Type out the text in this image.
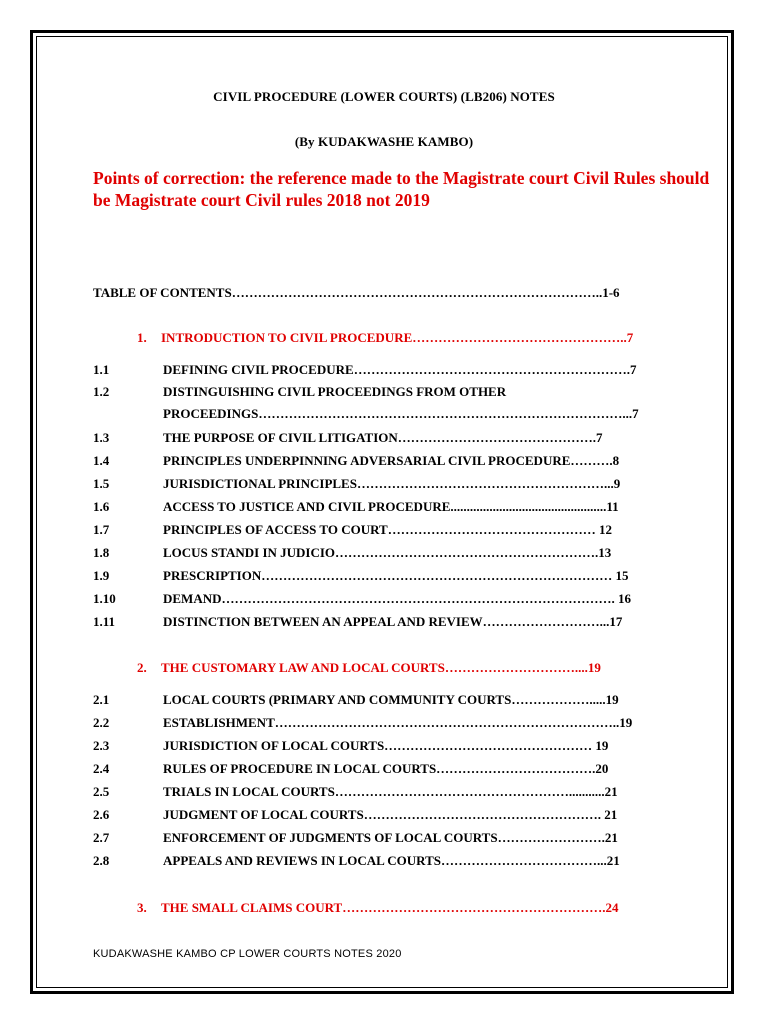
CIVIL PROCEDURE (LOWER COURTS) (LB206) NOTES
(By KUDAKWASHE KAMBO)
Points of correction: the reference made to the Magistrate court Civil Rules should be Magistrate court Civil rules 2018 not 2019
TABLE OF CONTENTS…………………………………………………………………………..1-6
1. INTRODUCTION TO CIVIL PROCEDURE…………………………………………..7
1.1	DEFINING CIVIL PROCEDURE……………………………………………………….7
1.2	DISTINGUISHING CIVIL PROCEEDINGS FROM OTHER
PROCEEDINGS…………………………………………………………………………...7
1.3	THE PURPOSE OF CIVIL LITIGATION……………………………………….7
1.4	PRINCIPLES UNDERPINNING ADVERSARIAL CIVIL PROCEDURE……….8
1.5	JURISDICTIONAL PRINCIPLES…………………………………………………...9
1.6	ACCESS TO JUSTICE AND CIVIL PROCEDURE................................................11
1.7	PRINCIPLES OF ACCESS TO COURT………………………………………… 12
1.8	LOCUS STANDI IN JUDICIO…………………………………………………….13
1.9	PRESCRIPTION……………………………………………………………………… 15
1.10	DEMAND………………………………………………………………………………. 16
1.11	DISTINCTION BETWEEN AN APPEAL AND REVIEW………………………...17
2. THE CUSTOMARY LAW AND LOCAL COURTS…………………………....19
2.1	LOCAL COURTS (PRIMARY AND COMMUNITY COURTS……………….....19
2.2	ESTABLISHMENT……………………………………………………………………..19
2.3	JURISDICTION OF LOCAL COURTS………………………………………… 19
2.4	RULES OF PROCEDURE IN LOCAL COURTS……………………………….20
2.5	TRIALS IN LOCAL COURTS………………………………………………...........21
2.6	JUDGMENT OF LOCAL COURTS………………………………………………. 21
2.7	ENFORCEMENT OF JUDGMENTS OF LOCAL COURTS…………………….21
2.8	APPEALS AND REVIEWS IN LOCAL COURTS………………………………...21
3. THE SMALL CLAIMS COURT…………………………………………………….24
KUDAKWASHE KAMBO CP LOWER COURTS NOTES 2020
